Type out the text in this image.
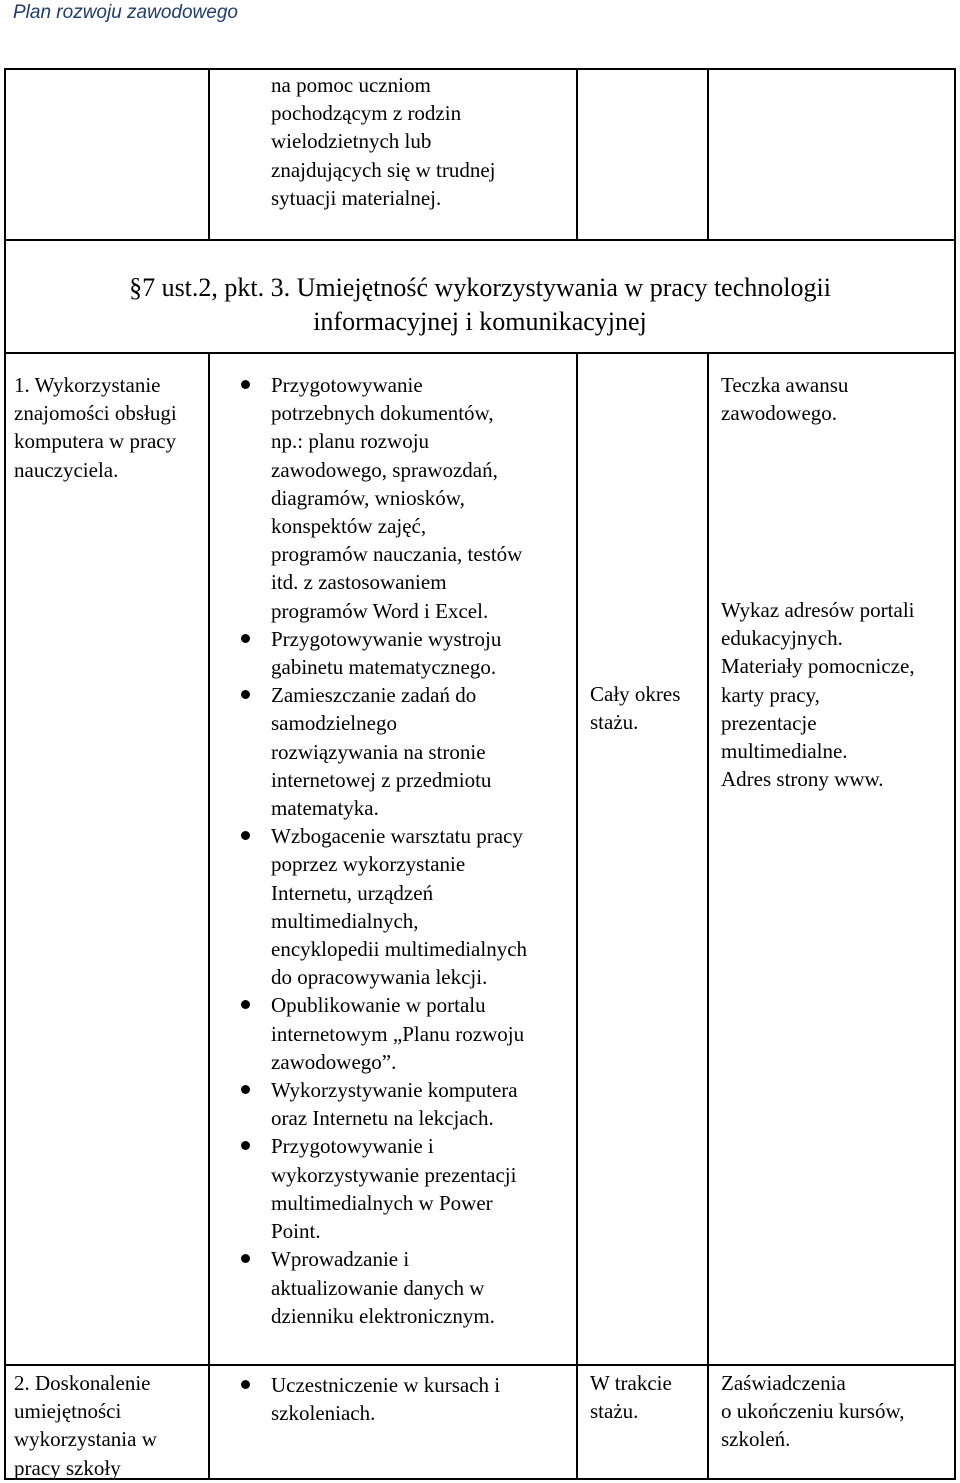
Plan rozwoju zawodowego
na pomoc uczniom
pochodzącym z rodzin
wielodzietnych lub
znajdujących się w trudnej
sytuacji materialnej.
§7 ust.2, pkt. 3. Umiejętność wykorzystywania w pracy technologii
informacyjnej i komunikacyjnej
1. Wykorzystanie
znajomości obsługi
komputera w pracy
nauczyciela.
Przygotowywanie
potrzebnych dokumentów,
np.: planu rozwoju
zawodowego, sprawozdań,
diagramów, wniosków,
konspektów zajęć,
programów nauczania, testów
itd. z zastosowaniem
programów Word i Excel.
Przygotowywanie wystroju
gabinetu matematycznego.
Zamieszczanie zadań do
samodzielnego
rozwiązywania na stronie
internetowej z przedmiotu
matematyka.
Wzbogacenie warsztatu pracy
poprzez wykorzystanie
Internetu, urządzeń
multimedialnych,
encyklopedii multimedialnych
do opracowywania lekcji.
Opublikowanie w portalu
internetowym „Planu rozwoju
zawodowego”.
Wykorzystywanie komputera
oraz Internetu na lekcjach.
Przygotowywanie i
wykorzystywanie prezentacji
multimedialnych w Power
Point.
Wprowadzanie i
aktualizowanie danych w
dzienniku elektronicznym.
Cały okres
stażu.
Teczka awansu
zawodowego.
Wykaz adresów portali
edukacyjnych.
Materiały pomocnicze,
karty pracy,
prezentacje
multimedialne.
Adres strony www.
2. Doskonalenie
umiejętności
wykorzystania w
pracy szkoły
Uczestniczenie w kursach i
szkoleniach.
W trakcie
stażu.
Zaświadczenia
o ukończeniu kursów,
szkoleń.
